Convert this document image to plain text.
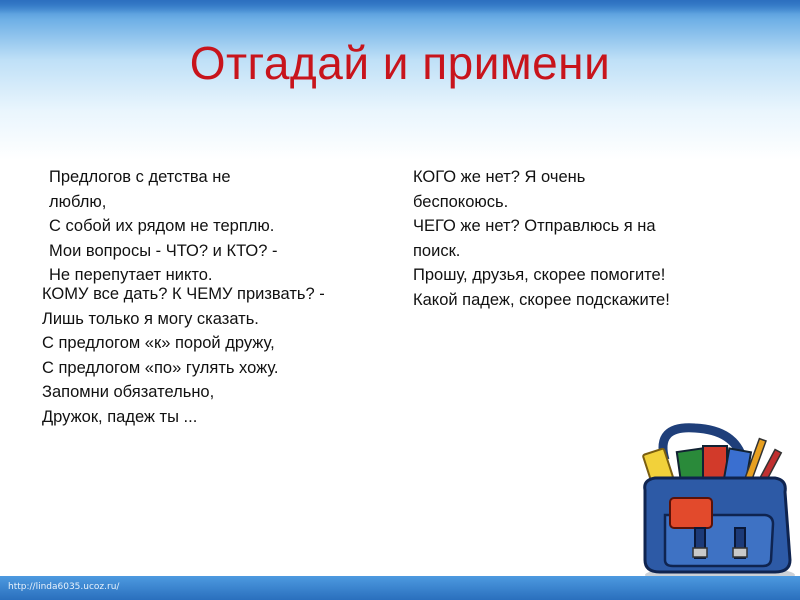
Отгадай и примени
Предлогов с детства не
люблю,
С собой их рядом не терплю.
Мои вопросы - ЧТО? и КТО? -
Не перепутает никто.
КОМУ все дать? К ЧЕМУ призвать? -
Лишь только я могу сказать.
С предлогом «к» порой дружу,
С предлогом «по» гулять хожу.
Запомни обязательно,
Дружок, падеж ты ...
КОГО же нет? Я очень
беспокоюсь.
ЧЕГО же нет? Отправлюсь я на
поиск.
Прошу, друзья, скорее помогите!
Какой падеж, скорее подскажите!
http://linda6035.ucoz.ru/
